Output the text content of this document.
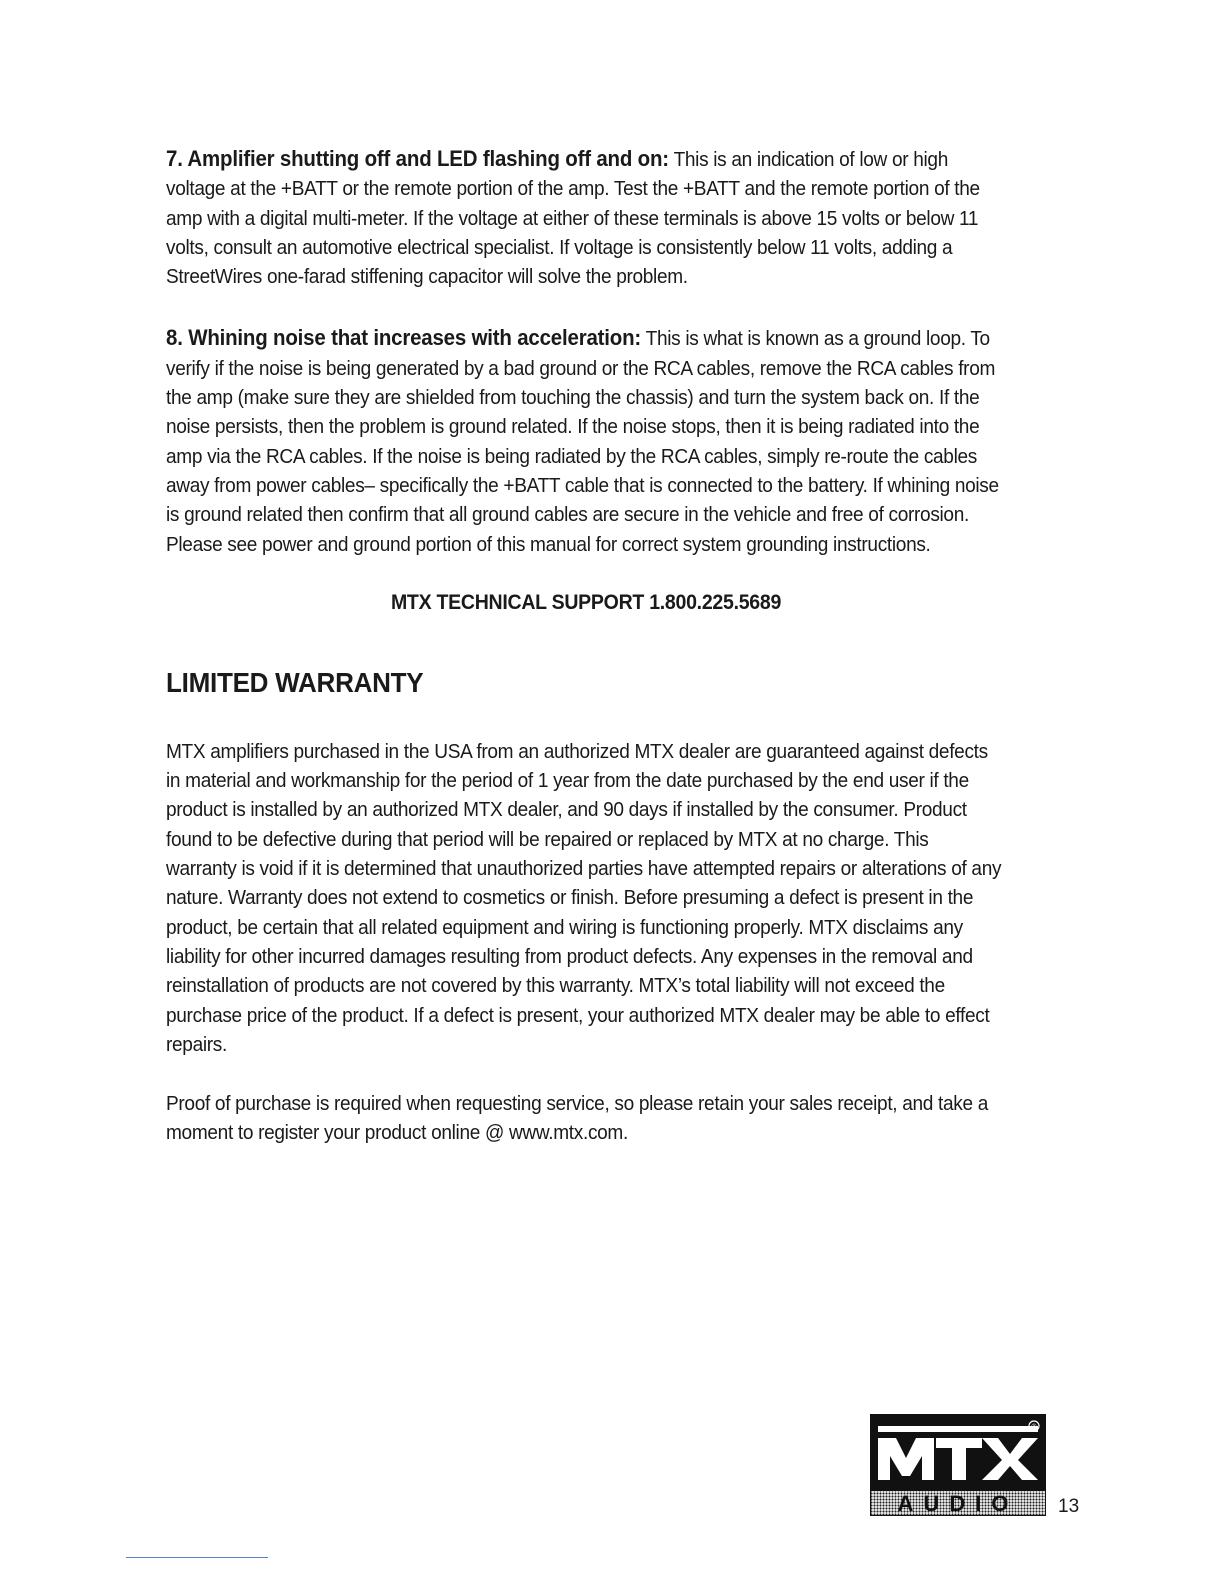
7. Amplifier shutting off and LED flashing off and on: This is an indication of low or high voltage at the +BATT or the remote portion of the amp. Test the +BATT and the remote portion of the amp with a digital multi-meter. If the voltage at either of these terminals is above 15 volts or below 11 volts, consult an automotive electrical specialist. If voltage is consistently below 11 volts, adding a StreetWires one-farad stiffening capacitor will solve the problem.

8. Whining noise that increases with acceleration: This is what is known as a ground loop. To verify if the noise is being generated by a bad ground or the RCA cables, remove the RCA cables from the amp (make sure they are shielded from touching the chassis) and turn the system back on. If the noise persists, then the problem is ground related. If the noise stops, then it is being radiated into the amp via the RCA cables. If the noise is being radiated by the RCA cables, simply re-route the cables away from power cables– specifically the +BATT cable that is connected to the battery. If whining noise is ground related then confirm that all ground cables are secure in the vehicle and free of corrosion. Please see power and ground portion of this manual for correct system grounding instructions.

MTX TECHNICAL SUPPORT 1.800.225.5689
LIMITED WARRANTY

MTX amplifiers purchased in the USA from an authorized MTX dealer are guaranteed against defects in material and workmanship for the period of 1 year from the date purchased by the end user if the product is installed by an authorized MTX dealer, and 90 days if installed by the consumer. Product found to be defective during that period will be repaired or replaced by MTX at no charge. This warranty is void if it is determined that unauthorized parties have attempted repairs or alterations of any nature. Warranty does not extend to cosmetics or finish. Before presuming a defect is present in the product, be certain that all related equipment and wiring is functioning properly. MTX disclaims any liability for other incurred damages resulting from product defects. Any expenses in the removal and reinstallation of products are not covered by this warranty. MTX’s total liability will not exceed the purchase price of the product. If a defect is present, your authorized MTX dealer may be able to effect repairs.

Proof of purchase is required when requesting service, so please retain your sales receipt, and take a moment to register your product online @ www.mtx.com.

®
AUDIO 13
